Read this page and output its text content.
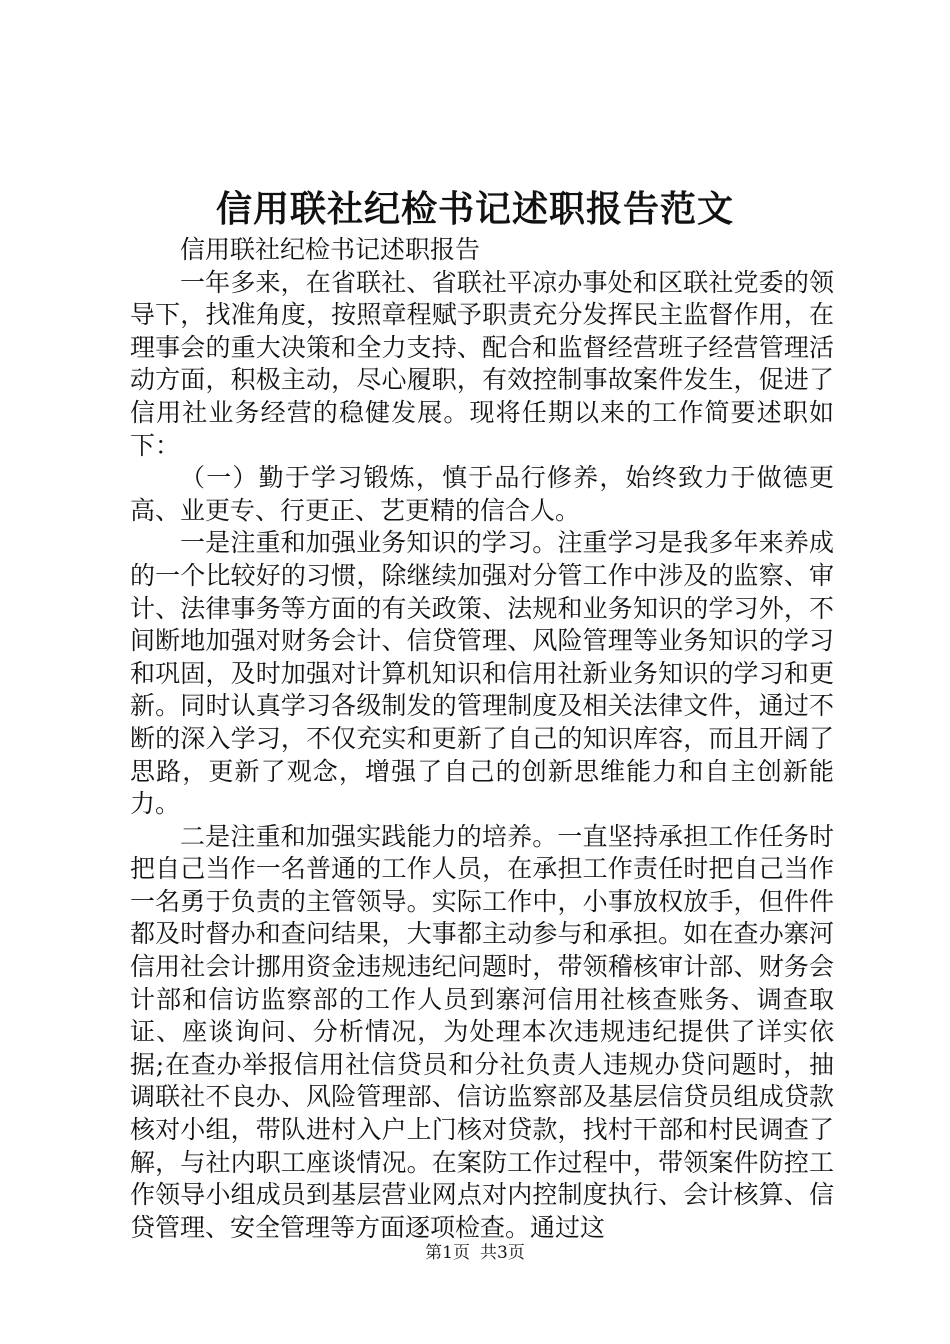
信用联社纪检书记述职报告范文

信用联社纪检书记述职报告

一年多来，在省联社、省联社平凉办事处和区联社党委的领导下，找准角度，按照章程赋予职责充分发挥民主监督作用，在理事会的重大决策和全力支持、配合和监督经营班子经营管理活动方面，积极主动，尽心履职，有效控制事故案件发生，促进了信用社业务经营的稳健发展。现将任期以来的工作简要述职如下：

（一）勤于学习锻炼，慎于品行修养，始终致力于做德更高、业更专、行更正、艺更精的信合人。

一是注重和加强业务知识的学习。注重学习是我多年来养成的一个比较好的习惯，除继续加强对分管工作中涉及的监察、审计、法律事务等方面的有关政策、法规和业务知识的学习外，不间断地加强对财务会计、信贷管理、风险管理等业务知识的学习和巩固，及时加强对计算机知识和信用社新业务知识的学习和更新。同时认真学习各级制发的管理制度及相关法律文件，通过不断的深入学习，不仅充实和更新了自己的知识库容，而且开阔了思路，更新了观念，增强了自己的创新思维能力和自主创新能力。

二是注重和加强实践能力的培养。一直坚持承担工作任务时把自己当作一名普通的工作人员，在承担工作责任时把自己当作一名勇于负责的主管领导。实际工作中，小事放权放手，但件件都及时督办和查问结果，大事都主动参与和承担。如在查办寨河信用社会计挪用资金违规违纪问题时，带领稽核审计部、财务会计部和信访监察部的工作人员到寨河信用社核查账务、调查取证、座谈询问、分析情况，为处理本次违规违纪提供了详实依据;在查办举报信用社信贷员和分社负责人违规办贷问题时，抽调联社不良办、风险管理部、信访监察部及基层信贷员组成贷款核对小组，带队进村入户上门核对贷款，找村干部和村民调查了解，与社内职工座谈情况。在案防工作过程中，带领案件防控工作领导小组成员到基层营业网点对内控制度执行、会计核算、信贷管理、安全管理等方面逐项检查。通过这

第1页 共3页
